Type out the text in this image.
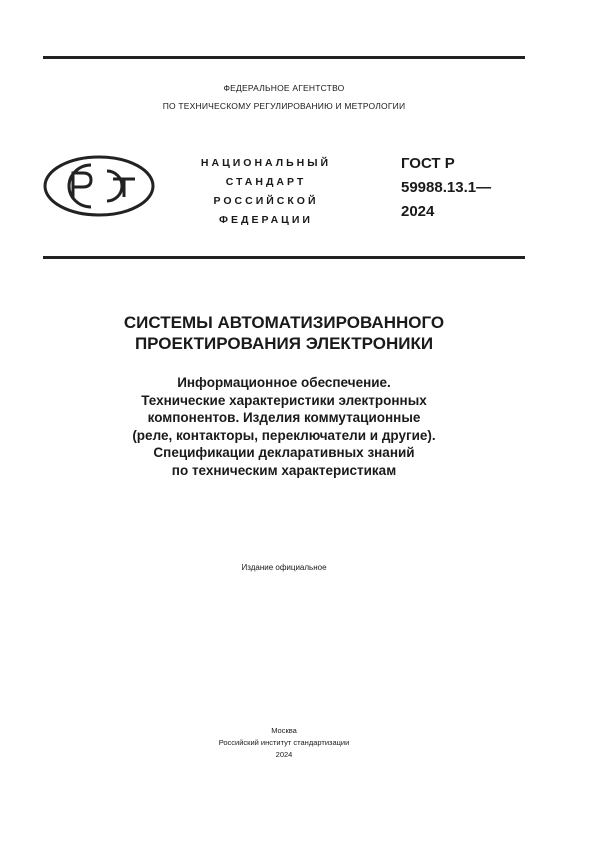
ФЕДЕРАЛЬНОЕ АГЕНТСТВО
ПО ТЕХНИЧЕСКОМУ РЕГУЛИРОВАНИЮ И МЕТРОЛОГИИ
НАЦИОНАЛЬНЫЙ
СТАНДАРТ
РОССИЙСКОЙ
ФЕДЕРАЦИИ
ГОСТ Р
59988.13.1—
2024
СИСТЕМЫ АВТОМАТИЗИРОВАННОГО
ПРОЕКТИРОВАНИЯ ЭЛЕКТРОНИКИ
Информационное обеспечение.
Технические характеристики электронных
компонентов. Изделия коммутационные
(реле, контакторы, переключатели и другие).
Спецификации декларативных знаний
по техническим характеристикам
Издание официальное
Москва
Российский институт стандартизации
2024
